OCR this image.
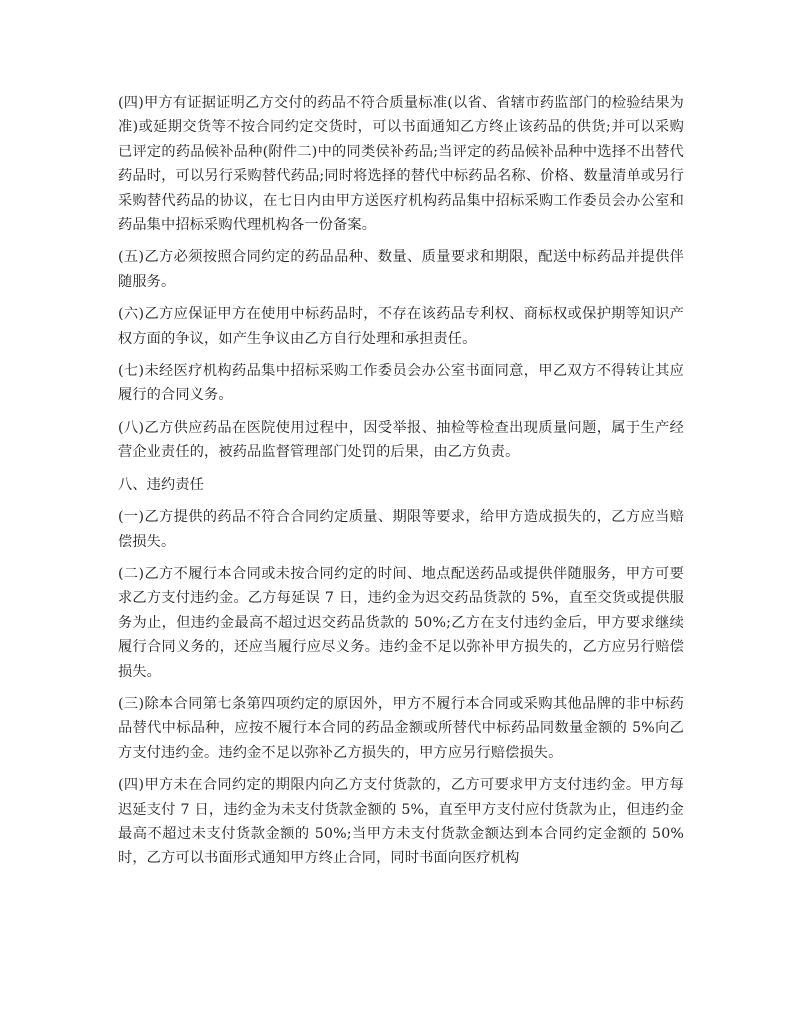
(四)甲方有证据证明乙方交付的药品不符合质量标准(以省、省辖市药监部门的检验结果为准)或延期交货等不按合同约定交货时，可以书面通知乙方终止该药品的供货;并可以采购已评定的药品候补品种(附件二)中的同类侯补药品;当评定的药品候补品种中选择不出替代药品时，可以另行采购替代药品;同时将选择的替代中标药品名称、价格、数量清单或另行采购替代药品的协议，在七日内由甲方送医疗机构药品集中招标采购工作委员会办公室和药品集中招标采购代理机构各一份备案。

(五)乙方必须按照合同约定的药品品种、数量、质量要求和期限，配送中标药品并提供伴随服务。

(六)乙方应保证甲方在使用中标药品时，不存在该药品专利权、商标权或保护期等知识产权方面的争议，如产生争议由乙方自行处理和承担责任。

(七)未经医疗机构药品集中招标采购工作委员会办公室书面同意，甲乙双方不得转让其应履行的合同义务。

(八)乙方供应药品在医院使用过程中，因受举报、抽检等检查出现质量问题，属于生产经营企业责任的，被药品监督管理部门处罚的后果，由乙方负责。

八、违约责任

(一)乙方提供的药品不符合合同约定质量、期限等要求，给甲方造成损失的，乙方应当赔偿损失。

(二)乙方不履行本合同或未按合同约定的时间、地点配送药品或提供伴随服务，甲方可要求乙方支付违约金。乙方每延误 7 日，违约金为迟交药品货款的 5%，直至交货或提供服务为止，但违约金最高不超过迟交药品货款的 50%;乙方在支付违约金后，甲方要求继续履行合同义务的，还应当履行应尽义务。违约金不足以弥补甲方损失的，乙方应另行赔偿损失。

(三)除本合同第七条第四项约定的原因外，甲方不履行本合同或采购其他品牌的非中标药品替代中标品种，应按不履行本合同的药品金额或所替代中标药品同数量金额的 5%向乙方支付违约金。违约金不足以弥补乙方损失的，甲方应另行赔偿损失。

(四)甲方未在合同约定的期限内向乙方支付货款的，乙方可要求甲方支付违约金。甲方每迟延支付 7 日，违约金为未支付货款金额的 5%，直至甲方支付应付货款为止，但违约金最高不超过未支付货款金额的 50%;当甲方未支付货款金额达到本合同约定金额的 50%时，乙方可以书面形式通知甲方终止合同，同时书面向医疗机构
